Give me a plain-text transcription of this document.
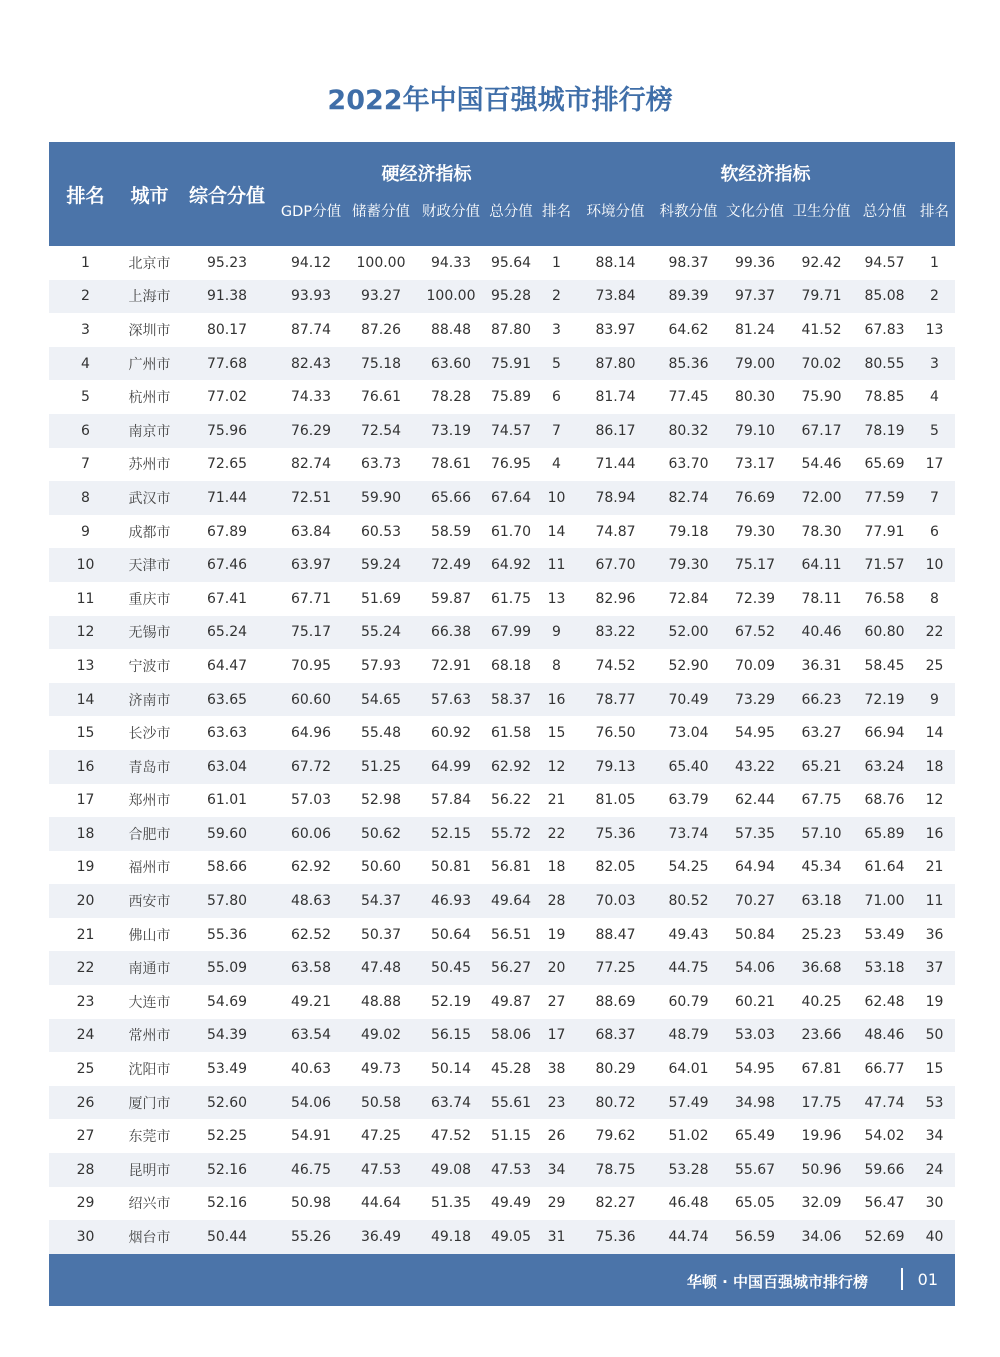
2022年中国百强城市排行榜
排名	城市	综合分值	硬经济指标					软经济指标					
			GDP分值	储蓄分值	财政分值	总分值	排名	环境分值	科教分值	文化分值	卫生分值	总分值	排名
1	北京市	95.23	94.12	100.00	94.33	95.64	1	88.14	98.37	99.36	92.42	94.57	1
2	上海市	91.38	93.93	93.27	100.00	95.28	2	73.84	89.39	97.37	79.71	85.08	2
3	深圳市	80.17	87.74	87.26	88.48	87.80	3	83.97	64.62	81.24	41.52	67.83	13
4	广州市	77.68	82.43	75.18	63.60	75.91	5	87.80	85.36	79.00	70.02	80.55	3
5	杭州市	77.02	74.33	76.61	78.28	75.89	6	81.74	77.45	80.30	75.90	78.85	4
6	南京市	75.96	76.29	72.54	73.19	74.57	7	86.17	80.32	79.10	67.17	78.19	5
7	苏州市	72.65	82.74	63.73	78.61	76.95	4	71.44	63.70	73.17	54.46	65.69	17
8	武汉市	71.44	72.51	59.90	65.66	67.64	10	78.94	82.74	76.69	72.00	77.59	7
9	成都市	67.89	63.84	60.53	58.59	61.70	14	74.87	79.18	79.30	78.30	77.91	6
10	天津市	67.46	63.97	59.24	72.49	64.92	11	67.70	79.30	75.17	64.11	71.57	10
11	重庆市	67.41	67.71	51.69	59.87	61.75	13	82.96	72.84	72.39	78.11	76.58	8
12	无锡市	65.24	75.17	55.24	66.38	67.99	9	83.22	52.00	67.52	40.46	60.80	22
13	宁波市	64.47	70.95	57.93	72.91	68.18	8	74.52	52.90	70.09	36.31	58.45	25
14	济南市	63.65	60.60	54.65	57.63	58.37	16	78.77	70.49	73.29	66.23	72.19	9
15	长沙市	63.63	64.96	55.48	60.92	61.58	15	76.50	73.04	54.95	63.27	66.94	14
16	青岛市	63.04	67.72	51.25	64.99	62.92	12	79.13	65.40	43.22	65.21	63.24	18
17	郑州市	61.01	57.03	52.98	57.84	56.22	21	81.05	63.79	62.44	67.75	68.76	12
18	合肥市	59.60	60.06	50.62	52.15	55.72	22	75.36	73.74	57.35	57.10	65.89	16
19	福州市	58.66	62.92	50.60	50.81	56.81	18	82.05	54.25	64.94	45.34	61.64	21
20	西安市	57.80	48.63	54.37	46.93	49.64	28	70.03	80.52	70.27	63.18	71.00	11
21	佛山市	55.36	62.52	50.37	50.64	56.51	19	88.47	49.43	50.84	25.23	53.49	36
22	南通市	55.09	63.58	47.48	50.45	56.27	20	77.25	44.75	54.06	36.68	53.18	37
23	大连市	54.69	49.21	48.88	52.19	49.87	27	88.69	60.79	60.21	40.25	62.48	19
24	常州市	54.39	63.54	49.02	56.15	58.06	17	68.37	48.79	53.03	23.66	48.46	50
25	沈阳市	53.49	40.63	49.73	50.14	45.28	38	80.29	64.01	54.95	67.81	66.77	15
26	厦门市	52.60	54.06	50.58	63.74	55.61	23	80.72	57.49	34.98	17.75	47.74	53
27	东莞市	52.25	54.91	47.25	47.52	51.15	26	79.62	51.02	65.49	19.96	54.02	34
28	昆明市	52.16	46.75	47.53	49.08	47.53	34	78.75	53.28	55.67	50.96	59.66	24
29	绍兴市	52.16	50.98	44.64	51.35	49.49	29	82.27	46.48	65.05	32.09	56.47	30
30	烟台市	50.44	55.26	36.49	49.18	49.05	31	75.36	44.74	56.59	34.06	52.69	40
华顿 · 中国百强城市排行榜	01
